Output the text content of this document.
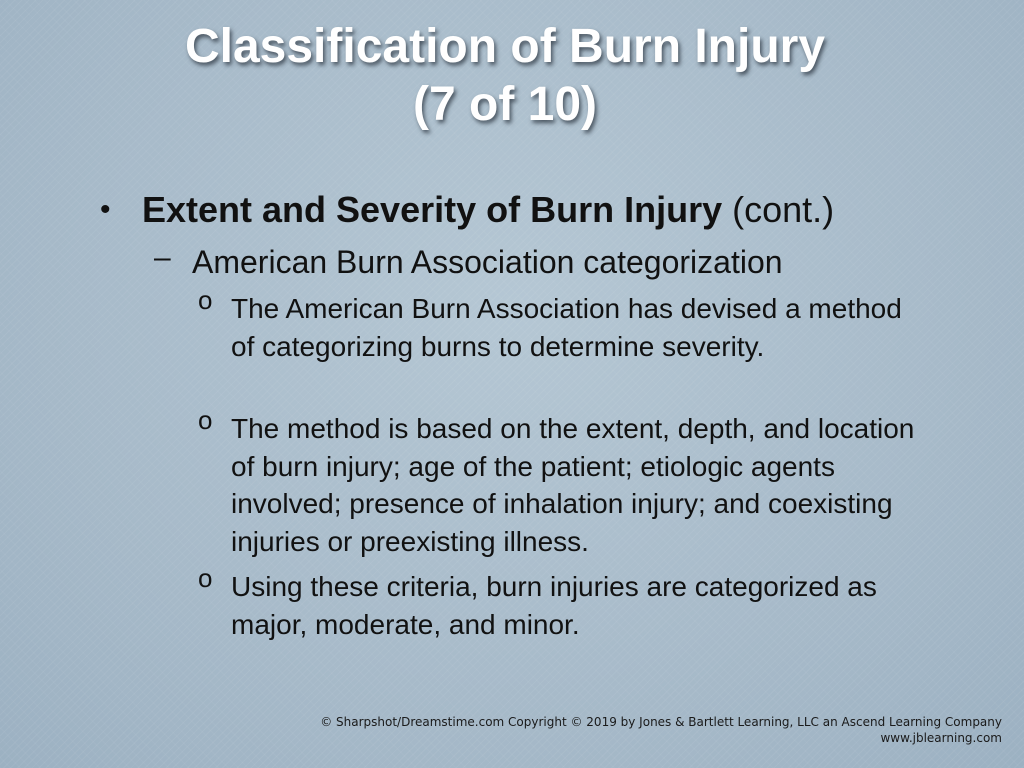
Classification of Burn Injury
(7 of 10)
• Extent and Severity of Burn Injury (cont.)
– American Burn Association categorization
o The American Burn Association has devised a method of categorizing burns to determine severity.
o The method is based on the extent, depth, and location of burn injury; age of the patient; etiologic agents involved; presence of inhalation injury; and coexisting injuries or preexisting illness.
o Using these criteria, burn injuries are categorized as major, moderate, and minor.
© Sharpshot/Dreamstime.com Copyright © 2019 by Jones & Bartlett Learning, LLC an Ascend Learning Company
www.jblearning.com
